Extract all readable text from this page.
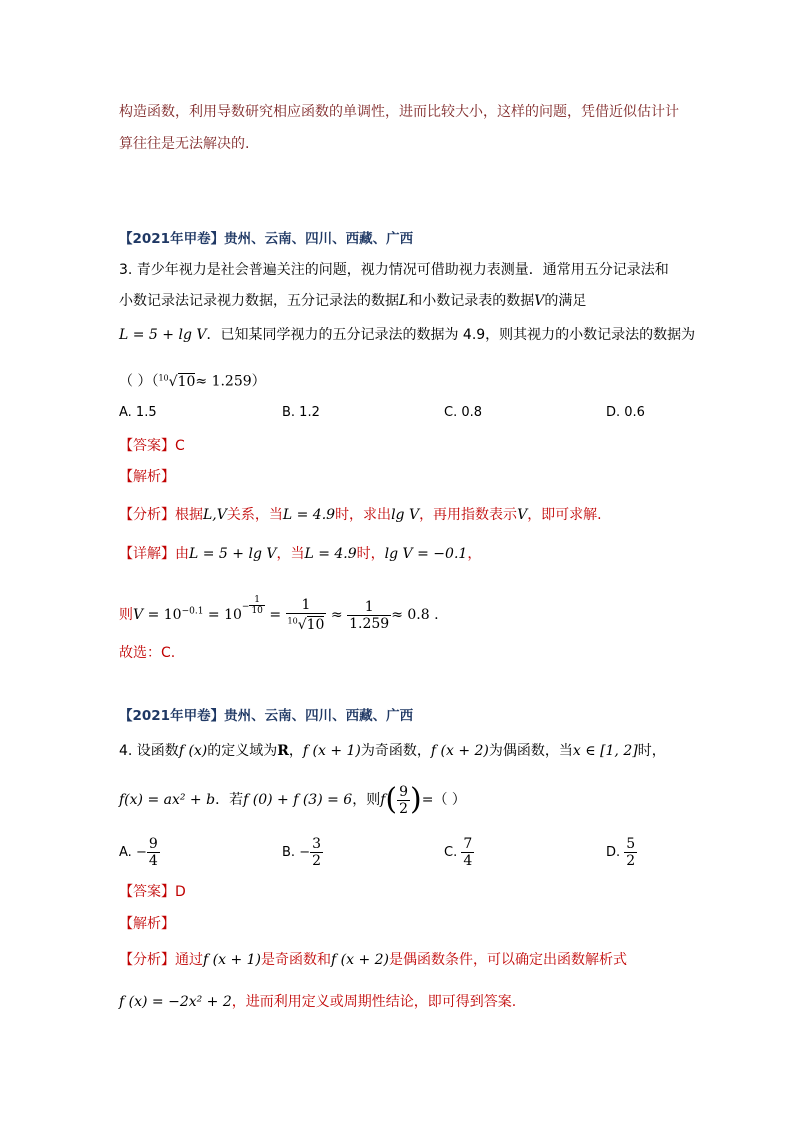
构造函数，利用导数研究相应函数的单调性，进而比较大小，这样的问题，凭借近似估计计
算往往是无法解决的.
【2021年甲卷】贵州、云南、四川、西藏、广西
3. 青少年视力是社会普遍关注的问题，视力情况可借助视力表测量．通常用五分记录法和
小数记录法记录视力数据，五分记录法的数据L和小数记录表的数据V的满足
L = 5 + lg V．已知某同学视力的五分记录法的数据为 4.9，则其视力的小数记录法的数据为
（ ）（$^{10}$√10≈ 1.259）
A. 1.5	B. 1.2	C. 0.8	D. 0.6
【答案】C
【解析】
【分析】根据L,V关系，当L = 4.9时，求出lg V，再用指数表示V，即可求解.
【详解】由L = 5 + lg V，当L = 4.9时，lg V = −0.1，
则$V = 10^{-0.1} = 10^{- \frac{1}{10}} = \frac{1}{^{10}√10} \approx \frac{1}{1.259} \approx 0.8$ .
故选：C.
【2021年甲卷】贵州、云南、四川、西藏、广西
4. 设函数f (x)的定义域为R，f (x + 1)为奇函数，f (x + 2)为偶函数，当x ∈ [1, 2]时，
f(x) = ax² + b．若f (0) + f (3) = 6，则$f( \frac{9}{2}$ )=（ ）
A. − $\frac{9}{4}$	B. − $\frac{3}{2}$	C. $\frac{7}{4}$	D. $\frac{5}{2}$
【答案】D
【解析】
【分析】通过f (x + 1)是奇函数和f (x + 2)是偶函数条件，可以确定出函数解析式
f (x) = −2x² + 2，进而利用定义或周期性结论，即可得到答案.
